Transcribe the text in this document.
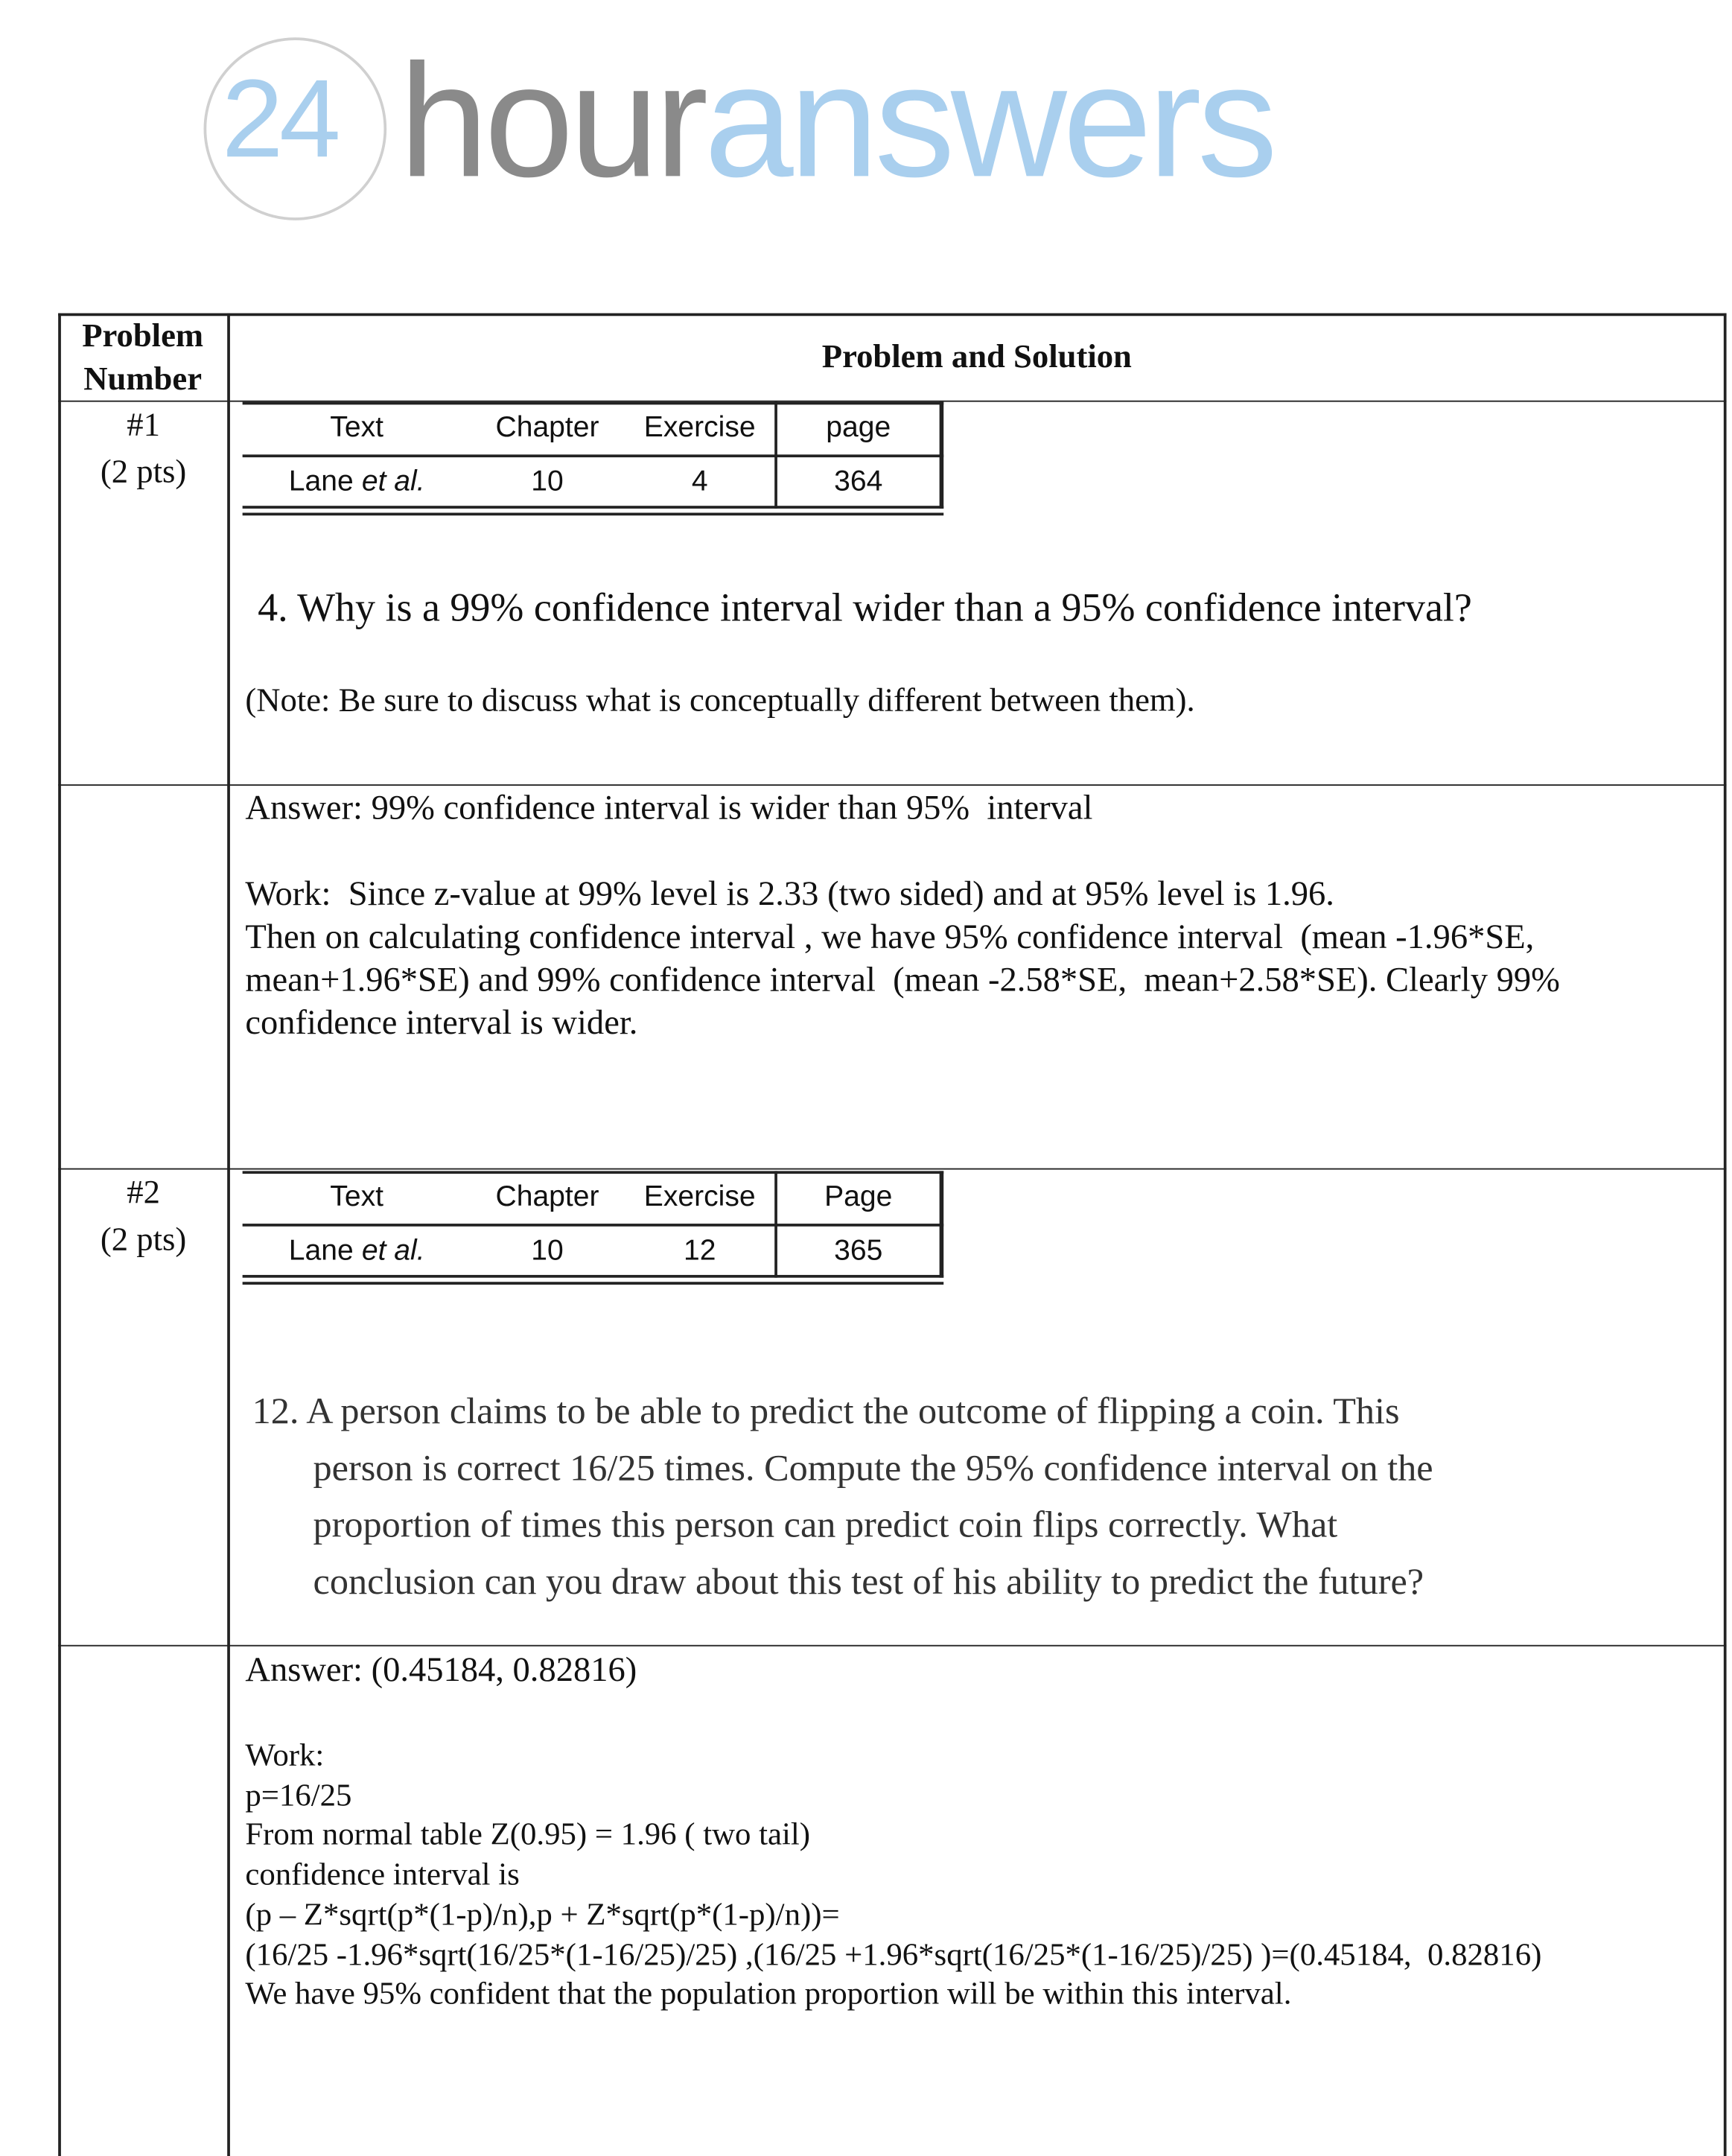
24 hour answers
Problem
Number
Problem and Solution
#1
(2 pts)
Text	Chapter	Exercise	page
Lane et al.	10	4	364
4. Why is a 99% confidence interval wider than a 95% confidence interval?
(Note: Be sure to discuss what is conceptually different between them).
Answer: 99% confidence interval is wider than 95%  interval
Work:  Since z-value at 99% level is 2.33 (two sided) and at 95% level is 1.96.
Then on calculating confidence interval , we have 95% confidence interval  (mean -1.96*SE,
mean+1.96*SE) and 99% confidence interval  (mean -2.58*SE,  mean+2.58*SE). Clearly 99%
confidence interval is wider.
#2
(2 pts)
Text	Chapter	Exercise	Page
Lane et al.	10	12	365
12. A person claims to be able to predict the outcome of flipping a coin. This
person is correct 16/25 times. Compute the 95% confidence interval on the
proportion of times this person can predict coin flips correctly. What
conclusion can you draw about this test of his ability to predict the future?
Answer: (0.45184, 0.82816)
Work:
p=16/25
From normal table Z(0.95) = 1.96 ( two tail)
confidence interval is
(p – Z*sqrt(p*(1-p)/n),p + Z*sqrt(p*(1-p)/n))=
(16/25 -1.96*sqrt(16/25*(1-16/25)/25) ,(16/25 +1.96*sqrt(16/25*(1-16/25)/25) )=(0.45184,  0.82816)
We have 95% confident that the population proportion will be within this interval.
